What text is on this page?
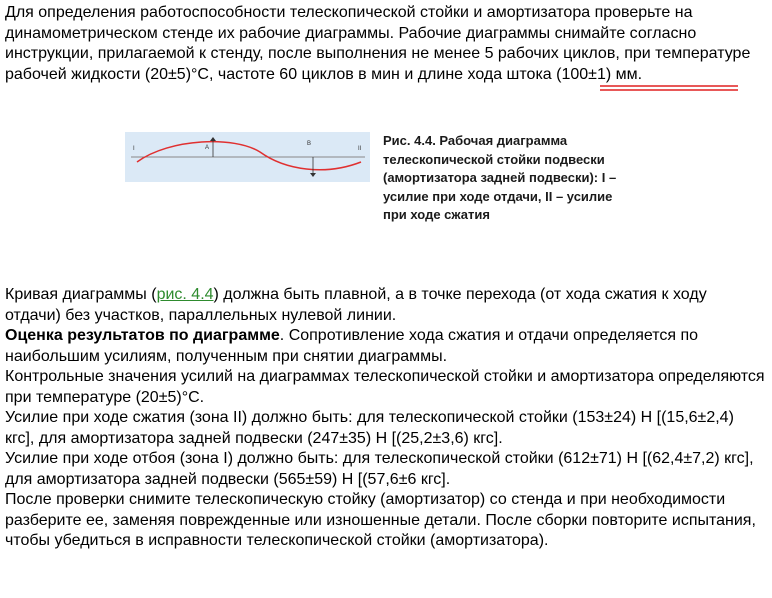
Для определения работоспособности телескопической стойки и амортизатора проверьте на динамометрическом стенде их рабочие диаграммы. Рабочие диаграммы снимайте согласно инструкции, прилагаемой к стенду, после выполнения не менее 5 рабочих циклов, при температуре рабочей жидкости (20±5)°С, частоте 60 циклов в мин и длине хода штока (100±1) мм.

A
B
I	II

Рис. 4.4. Рабочая диаграмма телескопической стойки подвески (амортизатора задней подвески): I – усилие при ходе отдачи, II – усилие при ходе сжатия

Кривая диаграммы (рис. 4.4) должна быть плавной, а в точке перехода (от хода сжатия к ходу отдачи) без участков, параллельных нулевой линии.
Оценка результатов по диаграмме. Сопротивление хода сжатия и отдачи определяется по наибольшим усилиям, полученным при снятии диаграммы.
Контрольные значения усилий на диаграммах телескопической стойки и амортизатора определяются при температуре (20±5)°С.
Усилие при ходе сжатия (зона II) должно быть: для телескопической стойки (153±24) Н [(15,6±2,4) кгс], для амортизатора задней подвески (247±35) Н [(25,2±3,6) кгс].
Усилие при ходе отбоя (зона I) должно быть: для телескопической стойки (612±71) Н [(62,4±7,2) кгс], для амортизатора задней подвески (565±59) Н [(57,6±6 кгс].
После проверки снимите телескопическую стойку (амортизатор) со стенда и при необходимости разберите ее, заменяя поврежденные или изношенные детали. После сборки повторите испытания, чтобы убедиться в исправности телескопической стойки (амортизатора).
